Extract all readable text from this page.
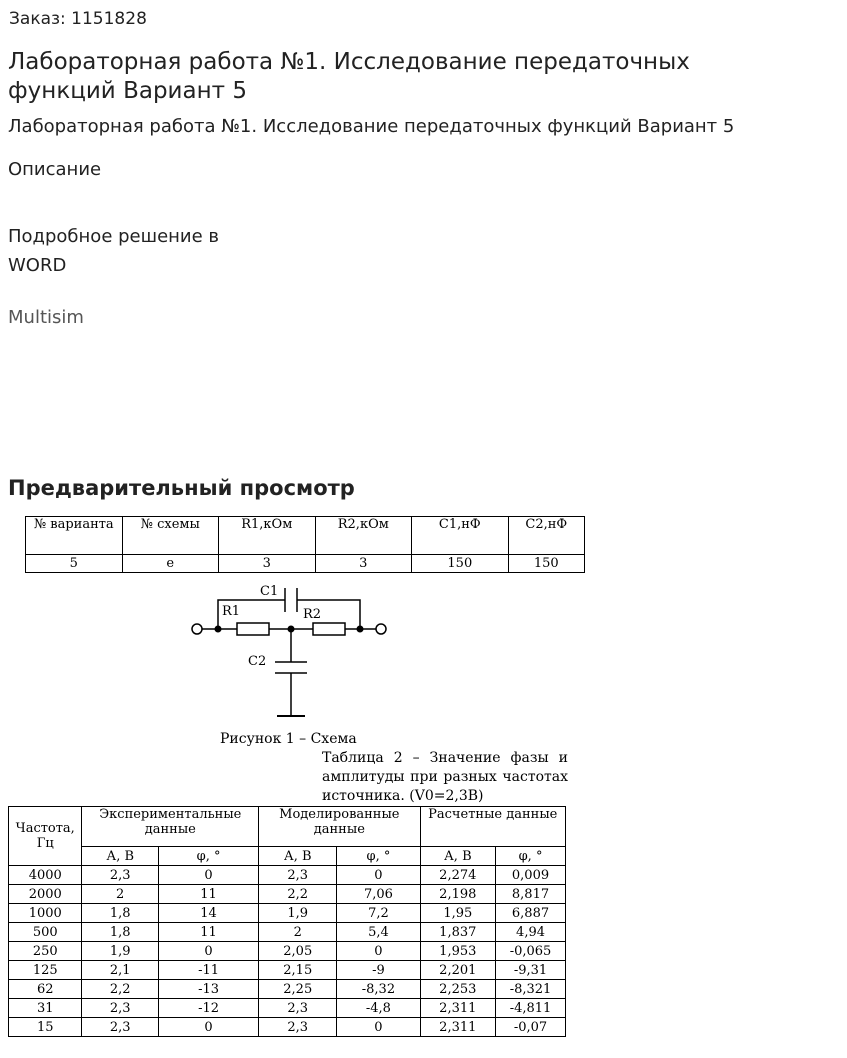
Заказ: 1151828
Лабораторная работа №1. Исследование передаточных функций Вариант 5
Лабораторная работа №1. Исследование передаточных функций Вариант 5
Описание
Подробное решение в WORD
Multisim
Предварительный просмотр
№ варианта	№ схемы	R1,кОм	R2,кОм	C1,нФ	C2,нФ
5	е	3	3	150	150
C1
R1	R2
C2
Рисунок 1 – Схема
Таблица 2 – Значение фазы и амплитуды при разных частотах источника. (V0=2,3В)
Частота, Гц	Экспериментальные данные		Моделированные данные		Расчетные данные	
	А, В	φ, °	А, В	φ, °	А, В	φ, °
4000	2,3	0	2,3	0	2,274	0,009
2000	2	11	2,2	7,06	2,198	8,817
1000	1,8	14	1,9	7,2	1,95	6,887
500	1,8	11	2	5,4	1,837	4,94
250	1,9	0	2,05	0	1,953	-0,065
125	2,1	-11	2,15	-9	2,201	-9,31
62	2,2	-13	2,25	-8,32	2,253	-8,321
31	2,3	-12	2,3	-4,8	2,311	-4,811
15	2,3	0	2,3	0	2,311	-0,07
